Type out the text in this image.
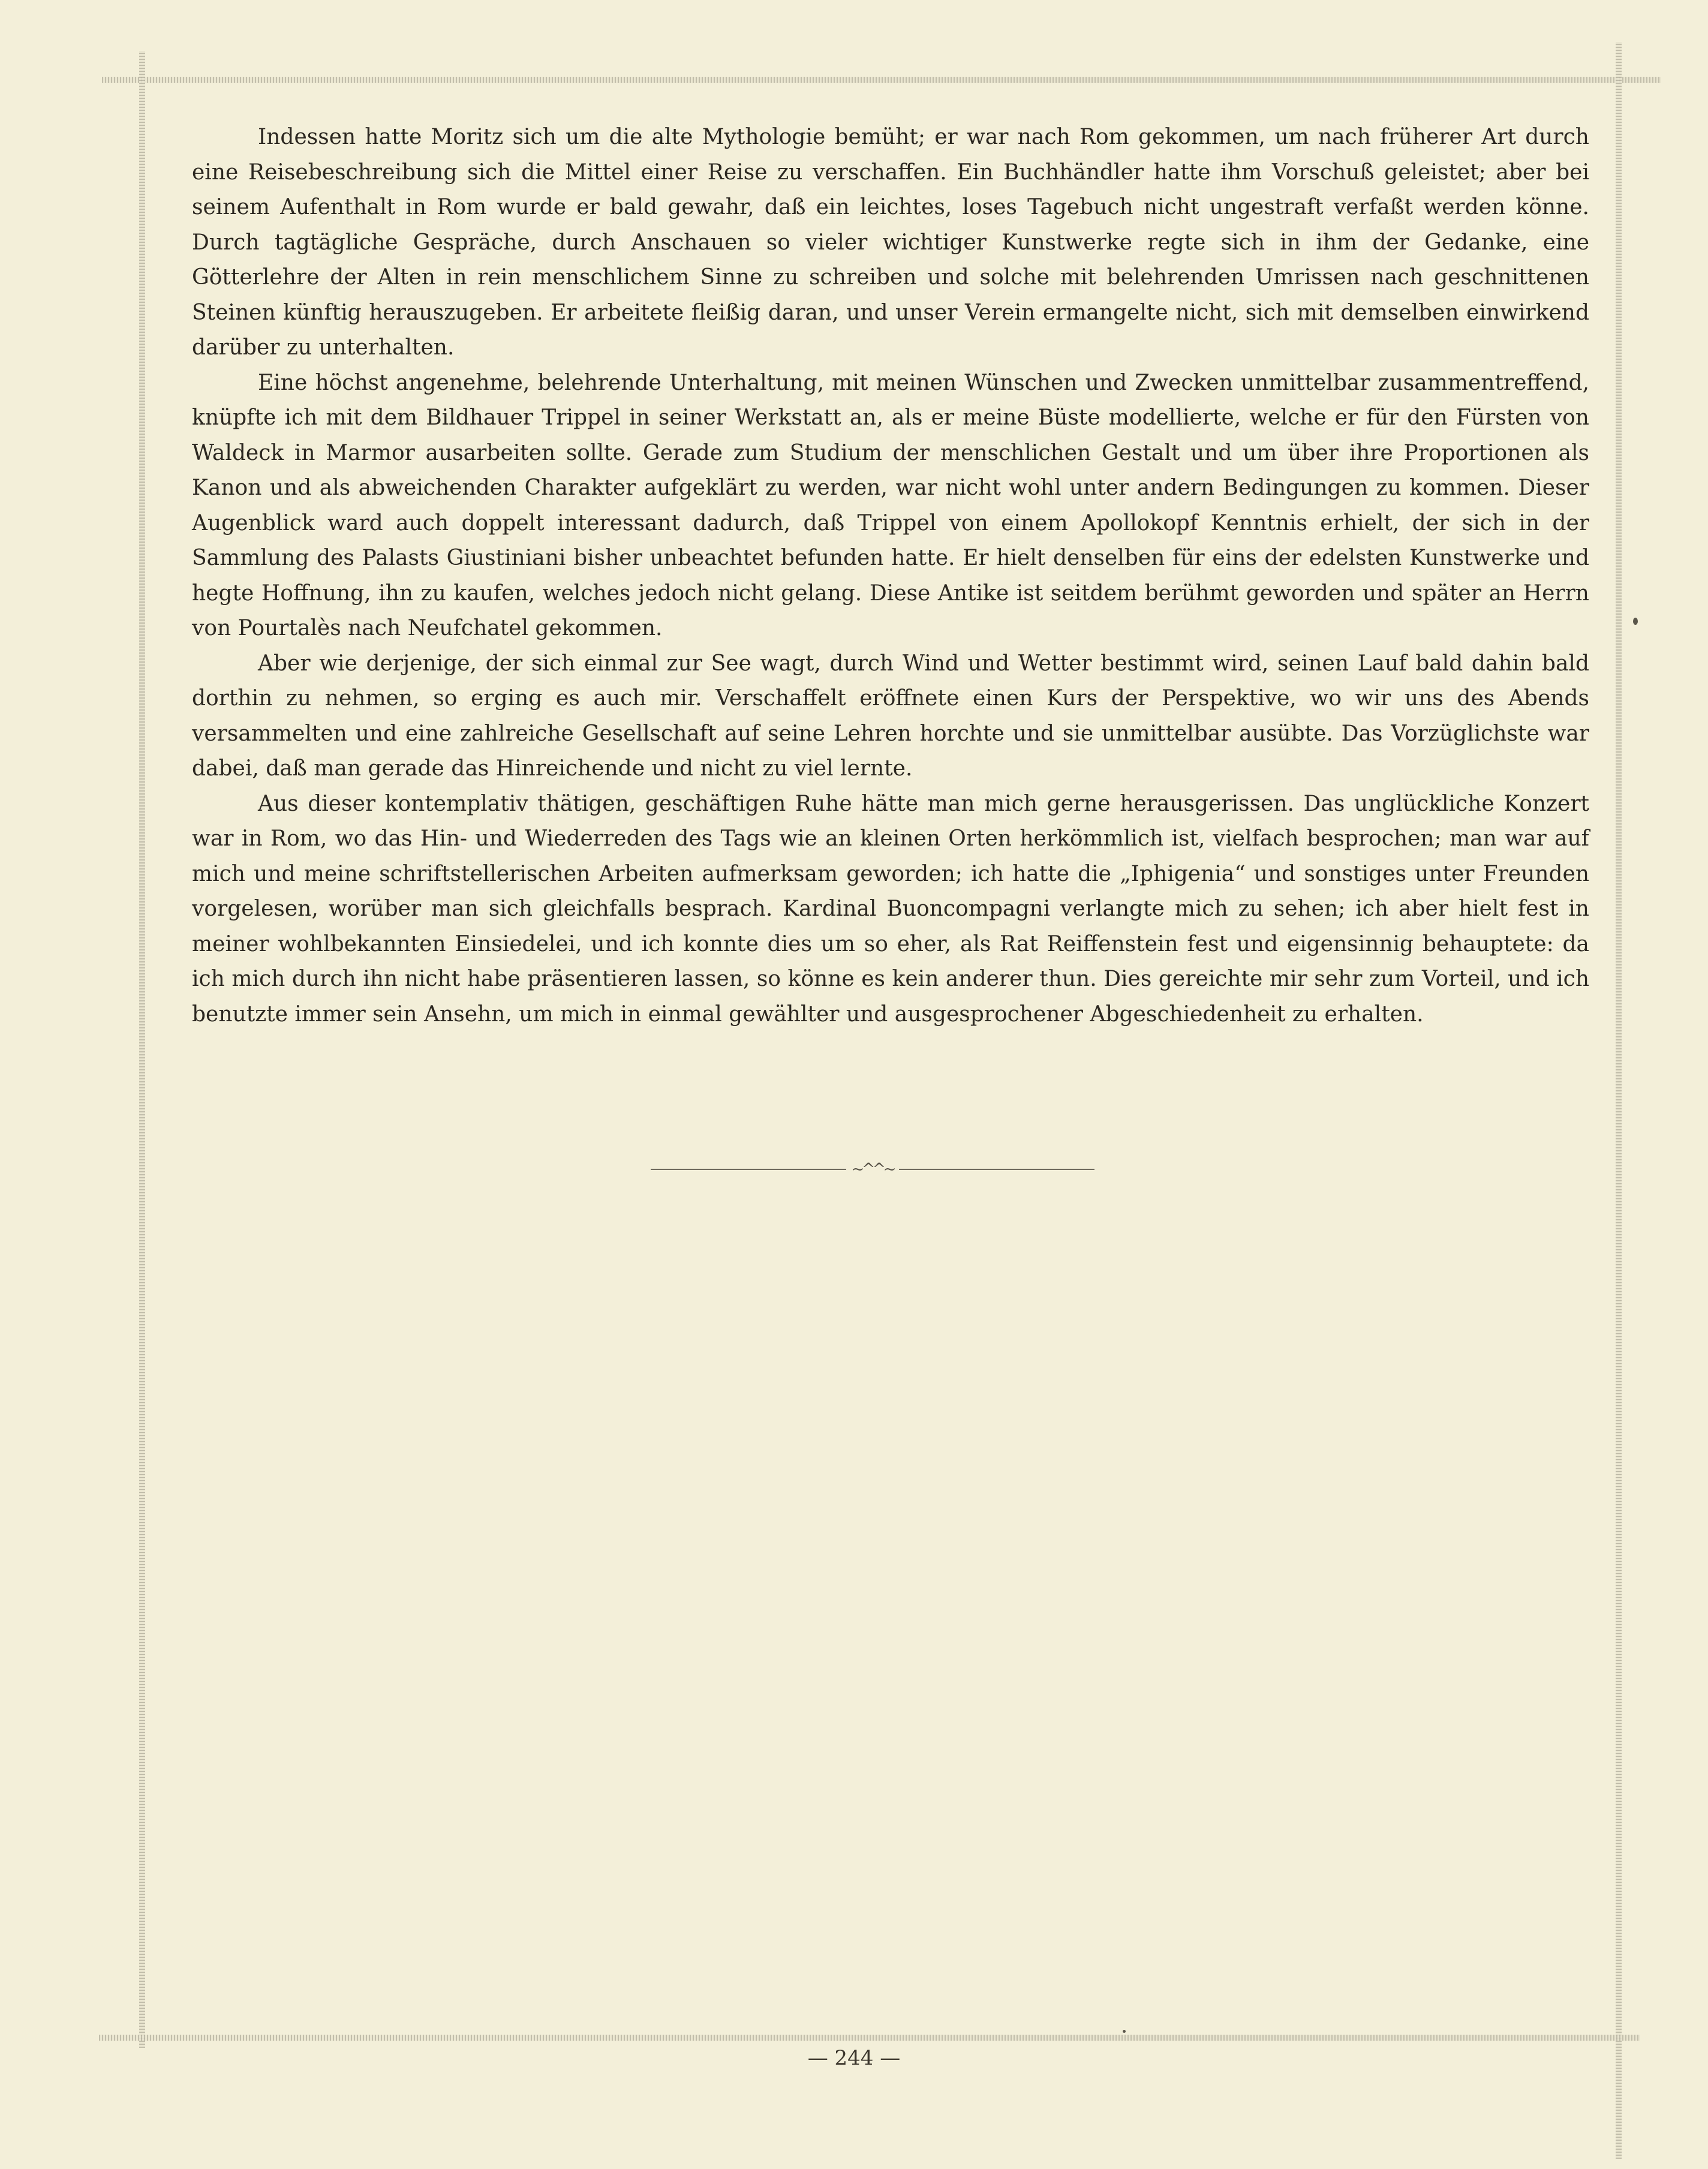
Indessen hatte Moritz sich um die alte Mythologie bemüht; er war nach Rom gekommen, um nach früherer Art durch eine Reisebeschreibung sich die Mittel einer Reise zu verschaffen. Ein Buchhändler hatte ihm Vorschuß geleistet; aber bei seinem Aufenthalt in Rom wurde er bald gewahr, daß ein leichtes, loses Tagebuch nicht ungestraft verfaßt werden könne. Durch tagtägliche Gespräche, durch Anschauen so vieler wichtiger Kunstwerke regte sich in ihm der Gedanke, eine Götterlehre der Alten in rein menschlichem Sinne zu schreiben und solche mit belehrenden Umrissen nach geschnittenen Steinen künftig herauszugeben. Er arbeitete fleißig daran, und unser Verein ermangelte nicht, sich mit demselben einwirkend darüber zu unterhalten.

Eine höchst angenehme, belehrende Unterhaltung, mit meinen Wünschen und Zwecken unmittelbar zusammentreffend, knüpfte ich mit dem Bildhauer Trippel in seiner Werkstatt an, als er meine Büste modellierte, welche er für den Fürsten von Waldeck in Marmor ausarbeiten sollte. Gerade zum Studium der menschlichen Gestalt und um über ihre Proportionen als Kanon und als abweichenden Charakter aufgeklärt zu werden, war nicht wohl unter andern Bedingungen zu kommen. Dieser Augenblick ward auch doppelt interessant dadurch, daß Trippel von einem Apollokopf Kenntnis erhielt, der sich in der Sammlung des Palasts Giustiniani bisher unbeachtet befunden hatte. Er hielt denselben für eins der edelsten Kunstwerke und hegte Hoffnung, ihn zu kaufen, welches jedoch nicht gelang. Diese Antike ist seitdem berühmt geworden und später an Herrn von Pourtalès nach Neufchatel gekommen.

Aber wie derjenige, der sich einmal zur See wagt, durch Wind und Wetter bestimmt wird, seinen Lauf bald dahin bald dorthin zu nehmen, so erging es auch mir. Verschaffelt eröffnete einen Kurs der Perspektive, wo wir uns des Abends versammelten und eine zahlreiche Gesellschaft auf seine Lehren horchte und sie unmittelbar ausübte. Das Vorzüglichste war dabei, daß man gerade das Hinreichende und nicht zu viel lernte.

Aus dieser kontemplativ thätigen, geschäftigen Ruhe hätte man mich gerne herausgerissen. Das unglückliche Konzert war in Rom, wo das Hin- und Wiederreden des Tags wie an kleinen Orten herkömmlich ist, vielfach besprochen; man war auf mich und meine schriftstellerischen Arbeiten aufmerksam geworden; ich hatte die „Iphigenia“ und sonstiges unter Freunden vorgelesen, worüber man sich gleichfalls besprach. Kardinal Buoncompagni verlangte mich zu sehen; ich aber hielt fest in meiner wohlbekannten Einsiedelei, und ich konnte dies um so eher, als Rat Reiffenstein fest und eigensinnig behauptete: da ich mich durch ihn nicht habe präsentieren lassen, so könne es kein anderer thun. Dies gereichte mir sehr zum Vorteil, und ich benutzte immer sein Ansehn, um mich in einmal gewählter und ausgesprochener Abgeschiedenheit zu erhalten.

~^^~
— 244 —
